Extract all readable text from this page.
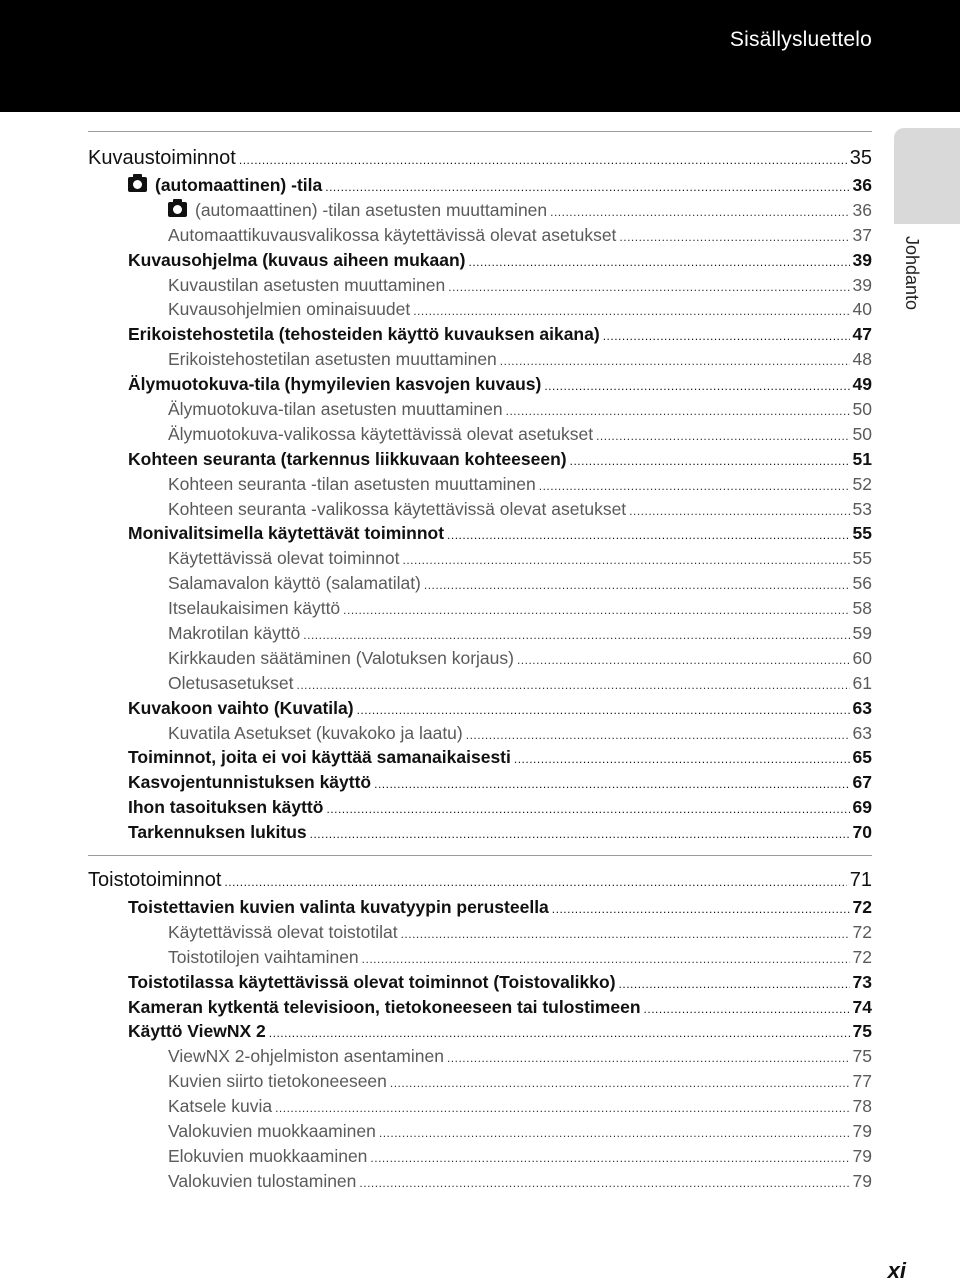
Sisällysluettelo
Johdanto
Kuvaustoiminnot .....	35
(automaattinen) -tila .....	36
(automaattinen) -tilan asetusten muuttaminen .....	36
Automaattikuvausvalikossa käytettävissä olevat asetukset .....	37
Kuvausohjelma (kuvaus aiheen mukaan) .....	39
Kuvaustilan asetusten muuttaminen .....	39
Kuvausohjelmien ominaisuudet .....	40
Erikoistehostetila (tehosteiden käyttö kuvauksen aikana) .....	47
Erikoistehostetilan asetusten muuttaminen .....	48
Älymuotokuva-tila (hymyilevien kasvojen kuvaus) .....	49
Älymuotokuva-tilan asetusten muuttaminen .....	50
Älymuotokuva-valikossa käytettävissä olevat asetukset .....	50
Kohteen seuranta (tarkennus liikkuvaan kohteeseen) .....	51
Kohteen seuranta -tilan asetusten muuttaminen .....	52
Kohteen seuranta -valikossa käytettävissä olevat asetukset .....	53
Monivalitsimella käytettävät toiminnot .....	55
Käytettävissä olevat toiminnot .....	55
Salamavalon käyttö (salamatilat) .....	56
Itselaukaisimen käyttö .....	58
Makrotilan käyttö .....	59
Kirkkauden säätäminen (Valotuksen korjaus) .....	60
Oletusasetukset .....	61
Kuvakoon vaihto (Kuvatila) .....	63
Kuvatila Asetukset (kuvakoko ja laatu) .....	63
Toiminnot, joita ei voi käyttää samanaikaisesti .....	65
Kasvojentunnistuksen käyttö .....	67
Ihon tasoituksen käyttö .....	69
Tarkennuksen lukitus .....	70
Toistotoiminnot .....	71
Toistettavien kuvien valinta kuvatyypin perusteella .....	72
Käytettävissä olevat toistotilat .....	72
Toistotilojen vaihtaminen .....	72
Toistotilassa käytettävissä olevat toiminnot (Toistovalikko) .....	73
Kameran kytkentä televisioon, tietokoneeseen tai tulostimeen .....	74
Käyttö ViewNX 2 .....	75
ViewNX 2-ohjelmiston asentaminen .....	75
Kuvien siirto tietokoneeseen .....	77
Katsele kuvia .....	78
Valokuvien muokkaaminen .....	79
Elokuvien muokkaaminen .....	79
Valokuvien tulostaminen .....	79
xi
